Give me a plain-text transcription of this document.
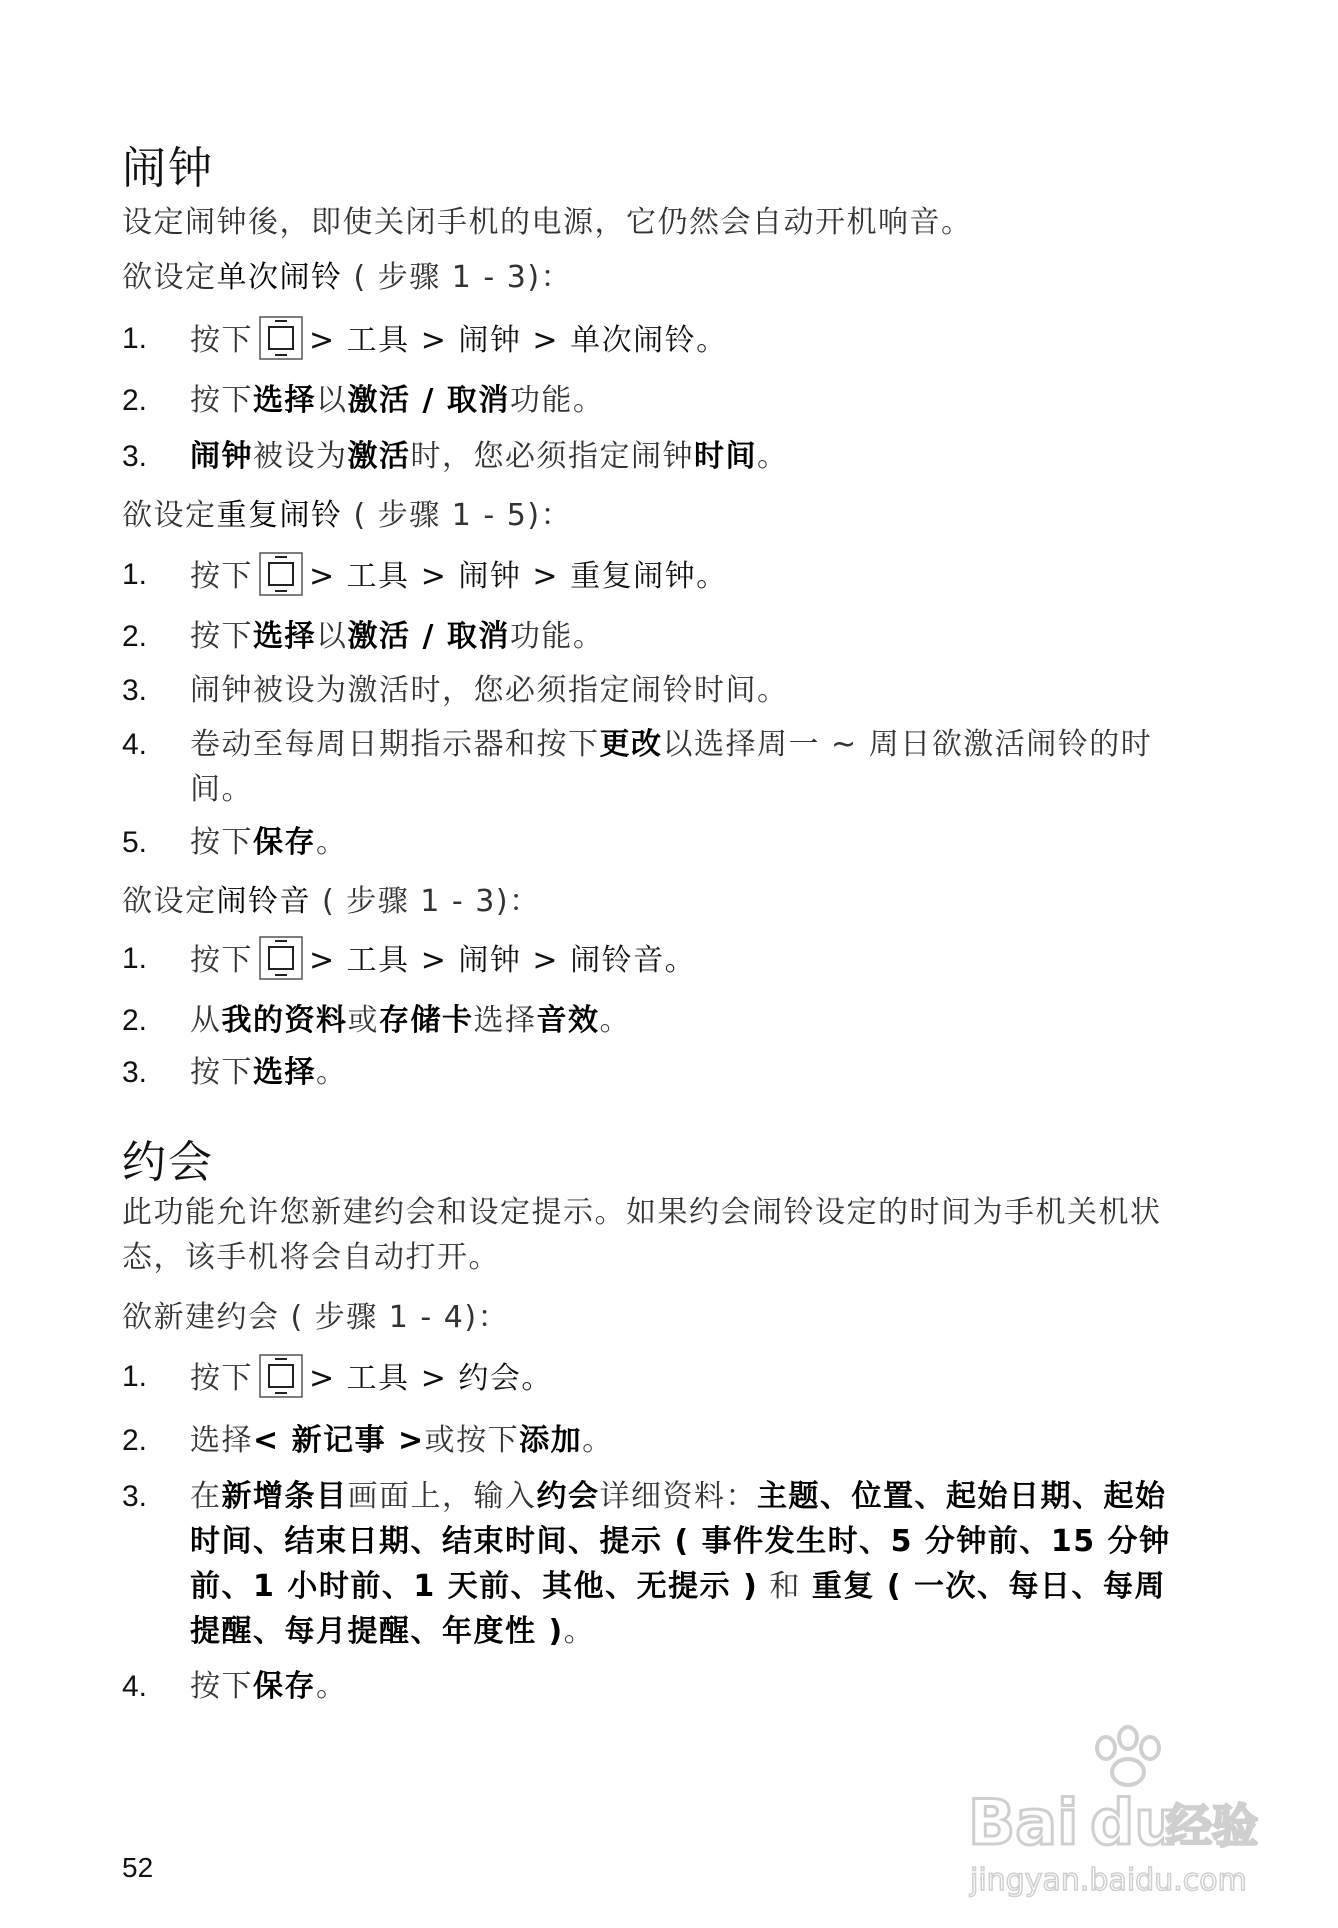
闹钟
设定闹钟後，即使关闭手机的电源，它仍然会自动开机响音。
欲设定单次闹铃 ( 步骤 1 - 3)：
1.	按下 > 工具 > 闹钟 > 单次闹铃。
2.	按下选择以激活 / 取消功能。
3.	闹钟被设为激活时，您必须指定闹钟时间。
欲设定重复闹铃 ( 步骤 1 - 5)：
1.	按下 > 工具 > 闹钟 > 重复闹钟。
2.	按下选择以激活 / 取消功能。
3.	闹钟被设为激活时，您必须指定闹铃时间。
4.	卷动至每周日期指示器和按下更改以选择周一 ~ 周日欲激活闹铃的时间。
5.	按下保存。
欲设定闹铃音 ( 步骤 1 - 3)：
1.	按下 > 工具 > 闹钟 > 闹铃音。
2.	从我的资料或存储卡选择音效。
3.	按下选择。
约会
此功能允许您新建约会和设定提示。如果约会闹铃设定的时间为手机关机状态，该手机将会自动打开。
欲新建约会 ( 步骤 1 - 4)：
1.	按下 > 工具 > 约会。
2.	选择< 新记事 >或按下添加。
3.	在新增条目画面上，输入约会详细资料：主题、位置、起始日期、起始时间、结束日期、结束时间、提示 ( 事件发生时、5 分钟前、15 分钟前、1 小时前、1 天前、其他、无提示 ) 和 重复 ( 一次、每日、每周提醒、每月提醒、年度性 )。
4.	按下保存。
Bai du
经验
jingyan.baidu.com
52
